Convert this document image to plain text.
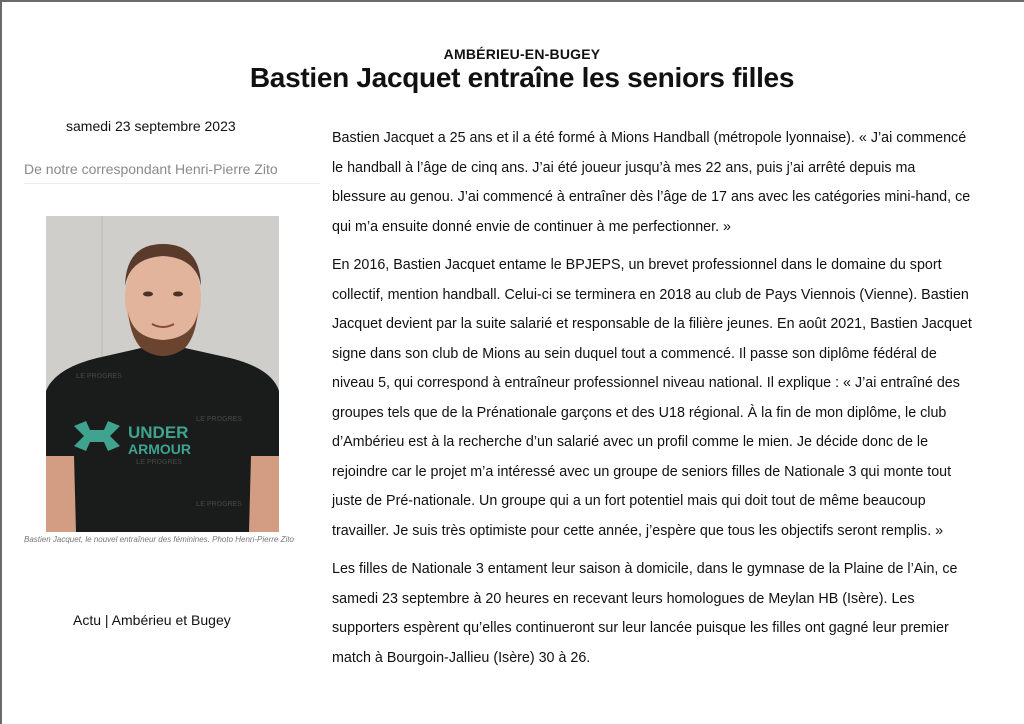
AMBÉRIEU-EN-BUGEY
Bastien Jacquet entraîne les seniors filles
samedi 23 septembre 2023
De notre correspondant Henri-Pierre Zito
UNDER
ARMOUR
LE PROGRES
LE PROGRES
LE PROGRES
LE PROGRES
Bastien Jacquet, le nouvel entraîneur des féminines. Photo Henri-Pierre Zito
Actu | Ambérieu et Bugey

Bastien Jacquet a 25 ans et il a été formé à Mions Handball (métropole lyonnaise). « J’ai commencé le handball à l’âge de cinq ans. J’ai été joueur jusqu’à mes 22 ans, puis j’ai arrêté depuis ma blessure au genou. J’ai commencé à entraîner dès l’âge de 17 ans avec les catégories mini-hand, ce qui m’a ensuite donné envie de continuer à me perfectionner. »

En 2016, Bastien Jacquet entame le BPJEPS, un brevet professionnel dans le domaine du sport collectif, mention handball. Celui-ci se terminera en 2018 au club de Pays Viennois (Vienne). Bastien Jacquet devient par la suite salarié et responsable de la filière jeunes. En août 2021, Bastien Jacquet signe dans son club de Mions au sein duquel tout a commencé. Il passe son diplôme fédéral de niveau 5, qui correspond à entraîneur professionnel niveau national. Il explique : « J’ai entraîné des groupes tels que de la Prénationale garçons et des U18 régional. À la fin de mon diplôme, le club d’Ambérieu est à la recherche d’un salarié avec un profil comme le mien. Je décide donc de le rejoindre car le projet m’a intéressé avec un groupe de seniors filles de Nationale 3 qui monte tout juste de Pré-nationale. Un groupe qui a un fort potentiel mais qui doit tout de même beaucoup travailler. Je suis très optimiste pour cette année, j’espère que tous les objectifs seront remplis. »

Les filles de Nationale 3 entament leur saison à domicile, dans le gymnase de la Plaine de l’Ain, ce samedi 23 septembre à 20 heures en recevant leurs homologues de Meylan HB (Isère). Les supporters espèrent qu’elles continueront sur leur lancée puisque les filles ont gagné leur premier match à Bourgoin-Jallieu (Isère) 30 à 26.
